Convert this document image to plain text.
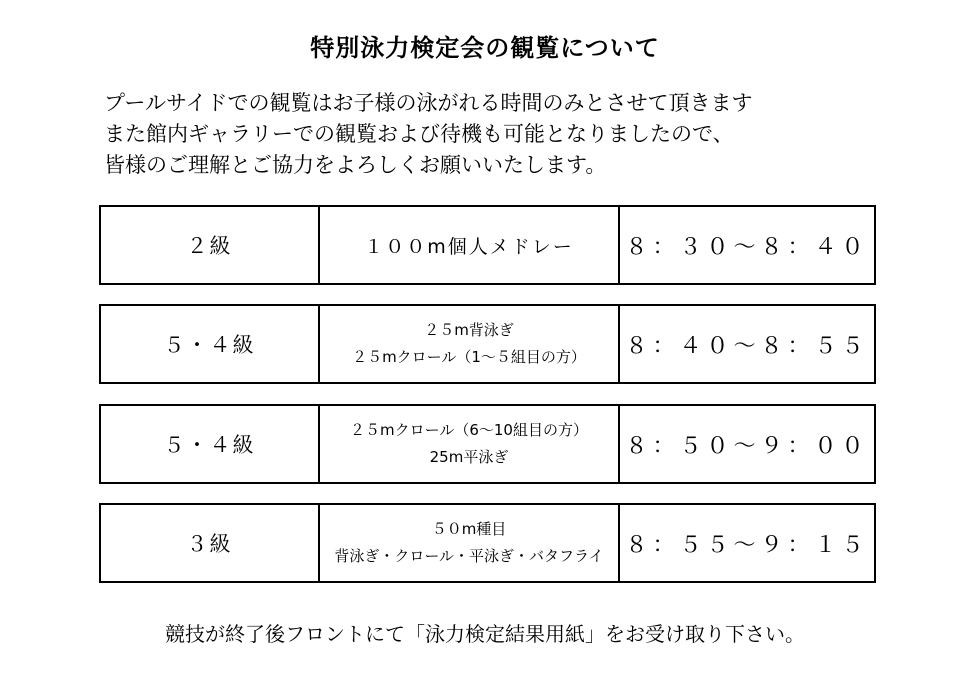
特別泳力検定会の観覧について
プールサイドでの観覧はお子様の泳がれる時間のみとさせて頂きます
また館内ギャラリーでの観覧および待機も可能となりましたので、
皆様のご理解とご協力をよろしくお願いいたします。
２級	１００m個人メドレー ８：３０～８：４０
５・４級
２５m背泳ぎ
２５mクロール（1～５組目の方） ８：４０～８：５５
５・４級
２５mクロール（6～10組目の方）
25m平泳ぎ	８：５０～９：００
３級
５０m種目
背泳ぎ・クロール・平泳ぎ・バタフライ ８：５５～９：１５
競技が終了後フロントにて「泳力検定結果用紙」をお受け取り下さい。
